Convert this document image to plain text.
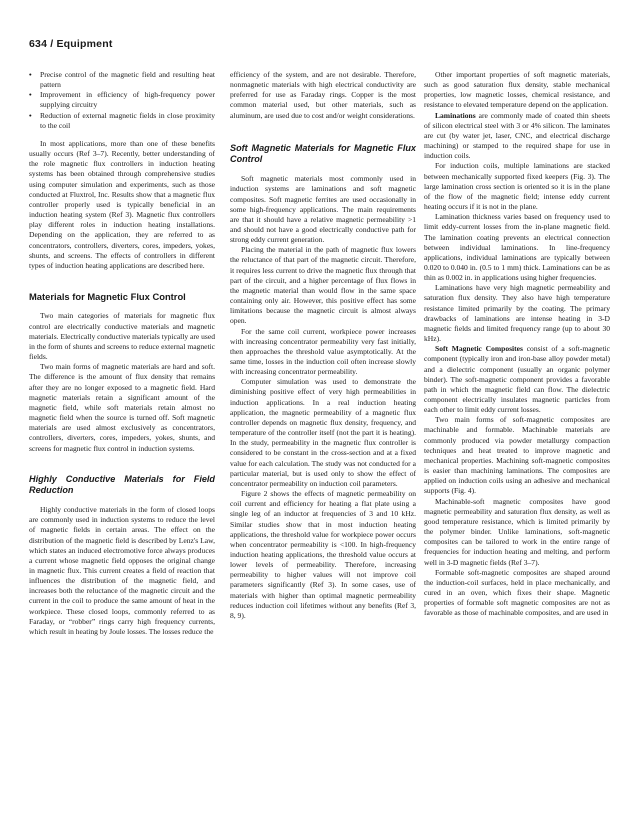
634 / Equipment
• Precise control of the magnetic field and resulting heat pattern
• Improvement in efficiency of high-frequency power supplying circuitry
• Reduction of external magnetic fields in close proximity to the coil

In most applications, more than one of these benefits usually occurs (Ref 3–7). Recently, better understanding of the role magnetic flux controllers in induction heating systems has been obtained through comprehensive studies using computer simulation and experiments, such as those conducted at Fluxtrol, Inc. Results show that a magnetic flux controller properly used is typically beneficial in an induction heating system (Ref 3). Magnetic flux controllers play different roles in induction heating installations. Depending on the application, they are referred to as concentrators, controllers, diverters, cores, impeders, yokes, shunts, and screens. The effects of controllers in different types of induction heating applications are described here.

Materials for Magnetic Flux Control

Two main categories of materials for magnetic flux control are electrically conductive materials and magnetic materials. Electrically conductive materials typically are used in the form of shunts and screens to reduce external magnetic fields.

Two main forms of magnetic materials are hard and soft. The difference is the amount of flux density that remains after they are no longer exposed to a magnetic field. Hard magnetic materials retain a significant amount of the magnetic field, while soft materials retain almost no magnetic field when the source is turned off. Soft magnetic materials are used almost exclusively as concentrators, controllers, diverters, cores, impeders, yokes, shunts, and screens for magnetic flux control in induction systems.

Highly Conductive Materials for Field Reduction

Highly conductive materials in the form of closed loops are commonly used in induction systems to reduce the level of magnetic fields in certain areas. The effect on the distribution of the magnetic field is described by Lenz's Law, which states an induced electromotive force always produces a current whose magnetic field opposes the original change in magnetic flux. This current creates a field of reaction that influences the distribution of the magnetic field, and increases both the reluctance of the magnetic circuit and the current in the coil to produce the same amount of heat in the workpiece. These closed loops, commonly referred to as Faraday, or “robber” rings carry high frequency currents, which result in heating by Joule losses. The losses reduce the

efficiency of the system, and are not desirable. Therefore, nonmagnetic materials with high electrical conductivity are preferred for use as Faraday rings. Copper is the most common material used, but other materials, such as aluminum, are used due to cost and/or weight considerations.

Soft Magnetic Materials for Magnetic Flux Control

Soft magnetic materials most commonly used in induction systems are laminations and soft magnetic composites. Soft magnetic ferrites are used occasionally in some high-frequency applications. The main requirements are that it should have a relative magnetic permeability >1 and should not have a good electrically conductive path for strong eddy current generation.

Placing the material in the path of magnetic flux lowers the reluctance of that part of the magnetic circuit. Therefore, it requires less current to drive the magnetic flux through that part of the circuit, and a higher percentage of flux flows in the magnetic material than would flow in the same space containing only air. However, this positive effect has some limitations because the magnetic circuit is almost always open.

For the same coil current, workpiece power increases with increasing concentrator permeability very fast initially, then approaches the threshold value asymptotically. At the same time, losses in the induction coil often increase slowly with increasing concentrator permeability.

Computer simulation was used to demonstrate the diminishing positive effect of very high permeabilities in induction applications. In a real induction heating application, the magnetic permeability of a magnetic flux controller depends on magnetic flux density, frequency, and temperature of the controller itself (not the part it is heating). In the study, permeability in the magnetic flux controller is considered to be constant in the cross-section and at a fixed value for each calculation. The study was not conducted for a particular material, but is used only to show the effect of concentrator permeability on induction coil parameters.

Figure 2 shows the effects of magnetic permeability on coil current and efficiency for heating a flat plate using a single leg of an inductor at frequencies of 3 and 10 kHz. Similar studies show that in most induction heating applications, the threshold value for workpiece power occurs when concentrator permeability is <100. In high-frequency induction heating applications, the threshold value occurs at lower levels of permeability. Therefore, increasing permeability to higher values will not improve coil parameters significantly (Ref 3). In some cases, use of materials with higher than optimal magnetic permeability reduces induction coil lifetimes without any benefits (Ref 3, 8, 9).

Other important properties of soft magnetic materials, such as good saturation flux density, stable mechanical properties, low magnetic losses, chemical resistance, and resistance to elevated temperature depend on the application.

Laminations are commonly made of coated thin sheets of silicon electrical steel with 3 or 4% silicon. The laminates are cut (by water jet, laser, CNC, and electrical discharge machining) or stamped to the required shape for use in induction coils.

For induction coils, multiple laminations are stacked between mechanically supported fixed keepers (Fig. 3). The large lamination cross section is oriented so it is in the plane of the flow of the magnetic field; intense eddy current heating occurs if it is not in the plane.

Lamination thickness varies based on frequency used to limit eddy-current losses from the in-plane magnetic field. The lamination coating prevents an electrical connection between individual laminations. In line-frequency applications, individual laminations are typically between 0.020 to 0.040 in. (0.5 to 1 mm) thick. Laminations can be as thin as 0.002 in. in applications using higher frequencies.

Laminations have very high magnetic permeability and saturation flux density. They also have high temperature resistance limited primarily by the coating. The primary drawbacks of laminations are intense heating in 3-D magnetic fields and limited frequency range (up to about 30 kHz).

Soft Magnetic Composites consist of a soft-magnetic component (typically iron and iron-base alloy powder metal) and a dielectric component (usually an organic polymer binder). The soft-magnetic component provides a favorable path in which the magnetic field can flow. The dielectric component electrically insulates magnetic particles from each other to limit eddy current losses.

Two main forms of soft-magnetic composites are machinable and formable. Machinable materials are commonly produced via powder metallurgy compaction techniques and heat treated to improve magnetic and mechanical properties. Machining soft-magnetic composites is easier than machining laminations. The composites are applied on induction coils using an adhesive and mechanical supports (Fig. 4).

Machinable-soft magnetic composites have good magnetic permeability and saturation flux density, as well as good temperature resistance, which is limited primarily by the polymer binder. Unlike laminations, soft-magnetic composites can be tailored to work in the entire range of frequencies for induction heating and melting, and perform well in 3-D magnetic fields (Ref 3–7).

Formable soft-magnetic composites are shaped around the induction-coil surfaces, held in place mechanically, and cured in an oven, which fixes their shape. Magnetic properties of formable soft magnetic composites are not as favorable as those of machinable composites, and are used in
